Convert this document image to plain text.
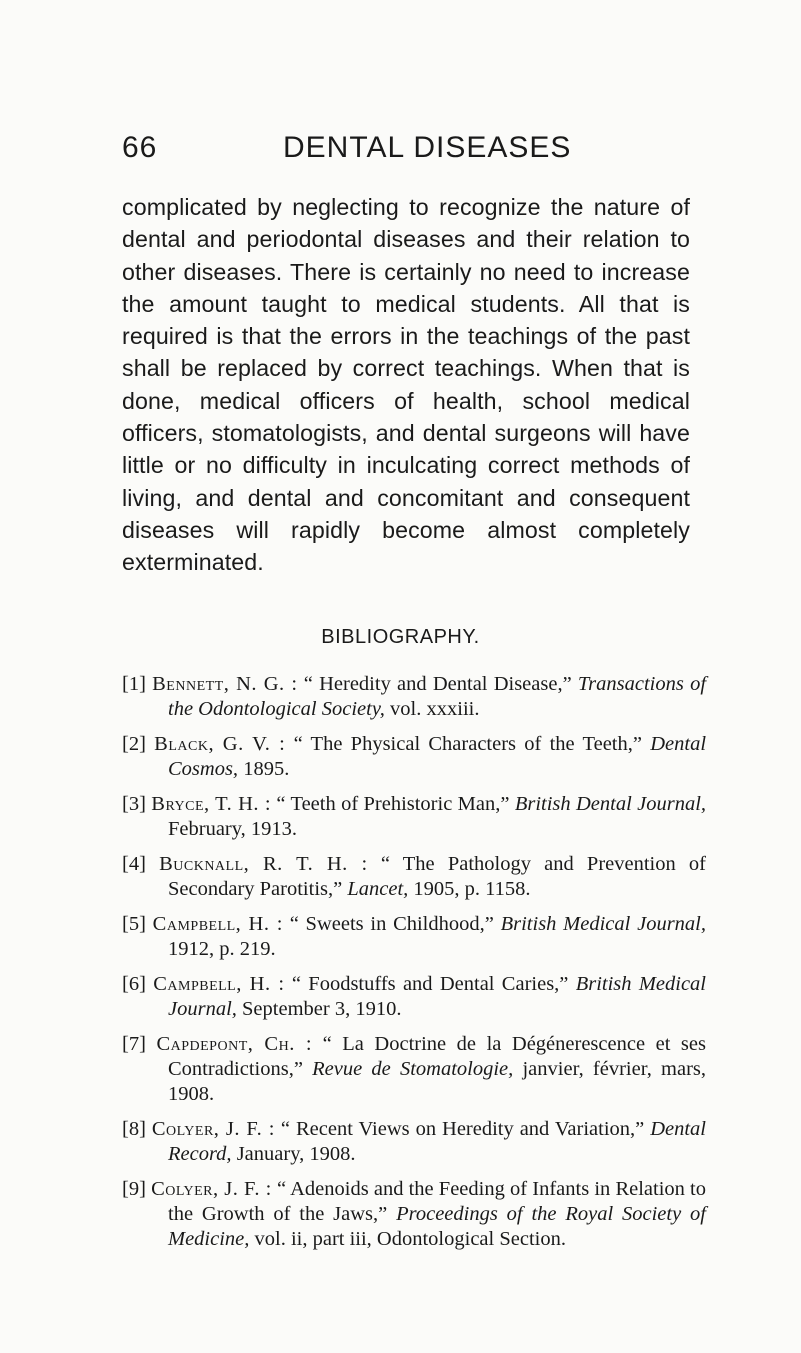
66	DENTAL DISEASES

complicated by neglecting to recognize the nature of dental and periodontal diseases and their relation to other diseases. There is certainly no need to increase the amount taught to medical students. All that is required is that the errors in the teachings of the past shall be replaced by correct teachings. When that is done, medical officers of health, school medical officers, stomatologists, and dental surgeons will have little or no difficulty in inculcating correct methods of living, and dental and concomitant and consequent diseases will rapidly become almost completely exterminated.

BIBLIOGRAPHY.
[1] Bennett, N. G. : “ Heredity and Dental Disease,” Transactions of the Odontological Society, vol. xxxiii.
[2] Black, G. V. : “ The Physical Characters of the Teeth,” Dental Cosmos, 1895.
[3] Bryce, T. H. : “ Teeth of Prehistoric Man,” British Dental Journal, February, 1913.
[4] Bucknall, R. T. H. : “ The Pathology and Prevention of Secondary Parotitis,” Lancet, 1905, p. 1158.
[5] Campbell, H. : “ Sweets in Childhood,” British Medical Journal, 1912, p. 219.
[6] Campbell, H. : “ Foodstuffs and Dental Caries,” British Medical Journal, September 3, 1910.
[7] Capdepont, Ch. : “ La Doctrine de la Dégénerescence et ses Contradictions,” Revue de Stomatologie, janvier, février, mars, 1908.
[8] Colyer, J. F. : “ Recent Views on Heredity and Variation,” Dental Record, January, 1908.
[9] Colyer, J. F. : “ Adenoids and the Feeding of Infants in Relation to the Growth of the Jaws,” Proceedings of the Royal Society of Medicine, vol. ii, part iii, Odontological Section.
